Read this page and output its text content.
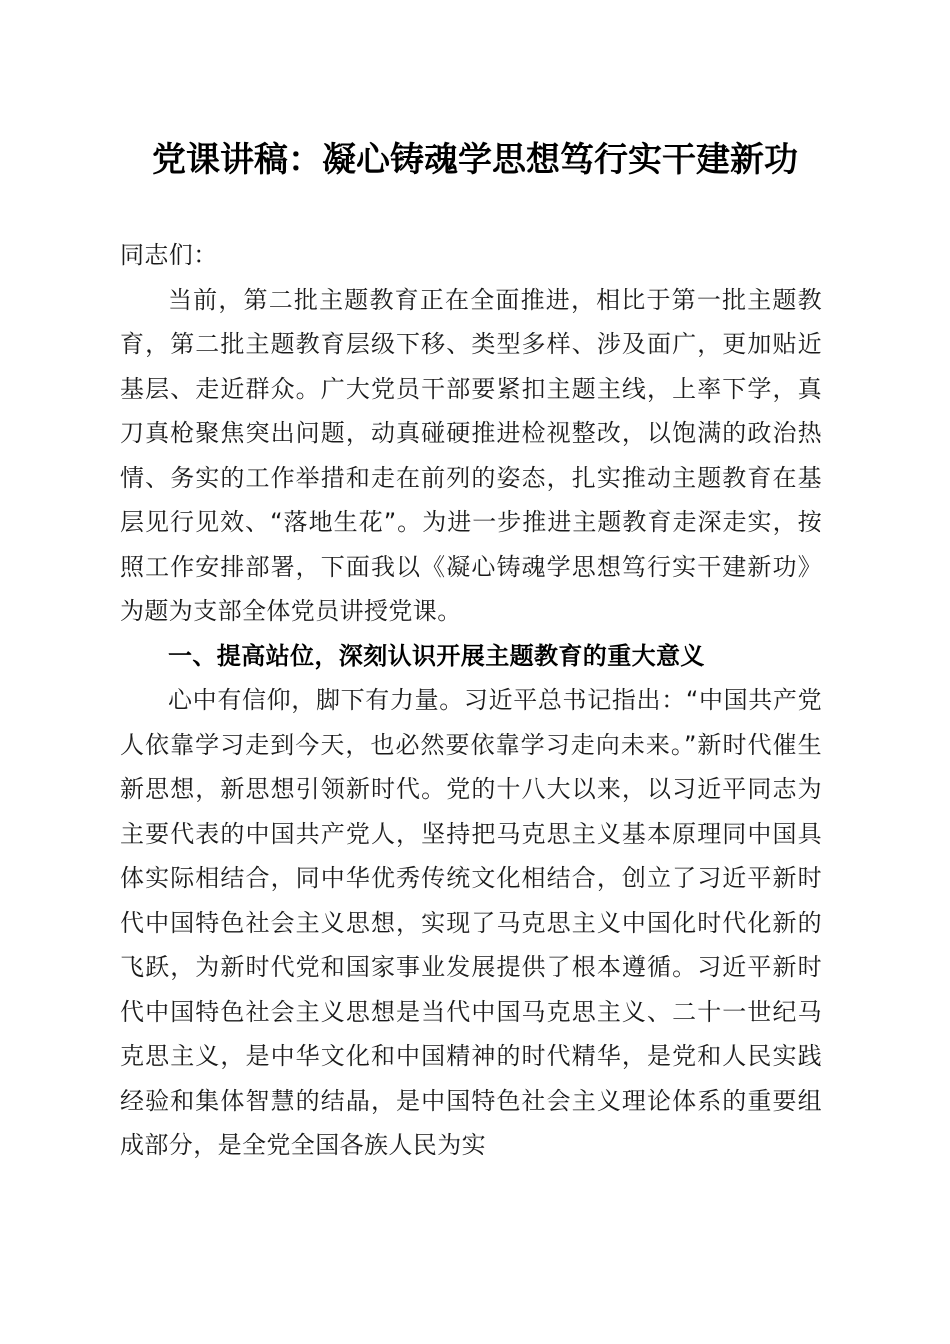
党课讲稿：凝心铸魂学思想笃行实干建新功

同志们：

当前，第二批主题教育正在全面推进，相比于第一批主题教育，第二批主题教育层级下移、类型多样、涉及面广，更加贴近基层、走近群众。广大党员干部要紧扣主题主线，上率下学，真刀真枪聚焦突出问题，动真碰硬推进检视整改，以饱满的政治热情、务实的工作举措和走在前列的姿态，扎实推动主题教育在基层见行见效、“落地生花”。为进一步推进主题教育走深走实，按照工作安排部署，下面我以《凝心铸魂学思想笃行实干建新功》为题为支部全体党员讲授党课。

一、提高站位，深刻认识开展主题教育的重大意义

心中有信仰，脚下有力量。习近平总书记指出：“中国共产党人依靠学习走到今天，也必然要依靠学习走向未来。”新时代催生新思想，新思想引领新时代。党的十八大以来，以习近平同志为主要代表的中国共产党人，坚持把马克思主义基本原理同中国具体实际相结合，同中华优秀传统文化相结合，创立了习近平新时代中国特色社会主义思想，实现了马克思主义中国化时代化新的飞跃，为新时代党和国家事业发展提供了根本遵循。习近平新时代中国特色社会主义思想是当代中国马克思主义、二十一世纪马克思主义，是中华文化和中国精神的时代精华，是党和人民实践经验和集体智慧的结晶，是中国特色社会主义理论体系的重要组成部分，是全党全国各族人民为实
